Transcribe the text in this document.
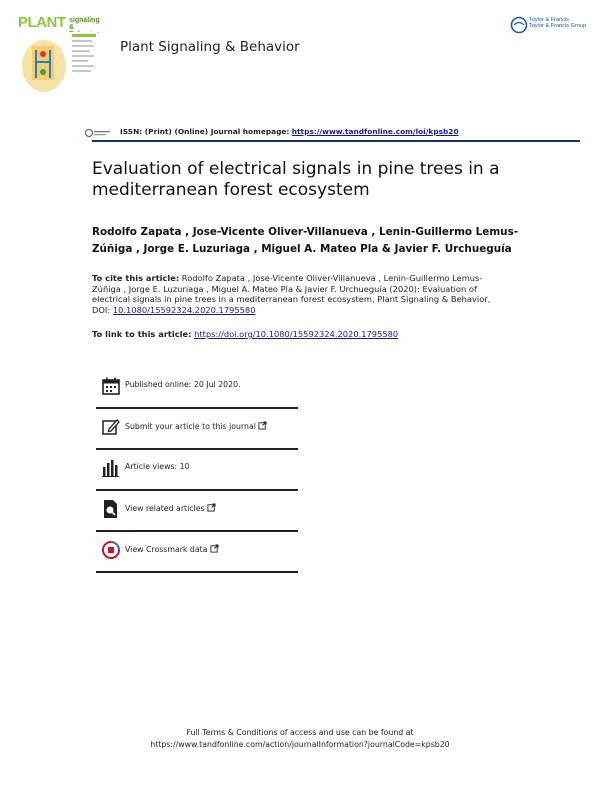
PLANT signaling
&
Plant Signaling & Behavior
Taylor & Francis
Taylor & Francis Group
ISSN: (Print) (Online) Journal homepage: https://www.tandfonline.com/loi/kpsb20
Evaluation of electrical signals in pine trees in a
mediterranean forest ecosystem
Rodolfo Zapata , Jose-Vicente Oliver-Villanueva , Lenin-Guillermo Lemus-
Zúñiga , Jorge E. Luzuriaga , Miguel A. Mateo Pla & Javier F. Urchueguía
To cite this article: Rodolfo Zapata , Jose-Vicente Oliver-Villanueva , Lenin-Guillermo Lemus-
Zúñiga , Jorge E. Luzuriaga , Miguel A. Mateo Pla & Javier F. Urchueguía (2020): Evaluation of
electrical signals in pine trees in a mediterranean forest ecosystem, Plant Signaling & Behavior,
DOI: 10.1080/15592324.2020.1795580
To link to this article: https://doi.org/10.1080/15592324.2020.1795580
Published online: 20 Jul 2020.
Submit your article to this journal
Article views: 10
View related articles
View Crossmark data
Full Terms & Conditions of access and use can be found at
https://www.tandfonline.com/action/journalInformation?journalCode=kpsb20
